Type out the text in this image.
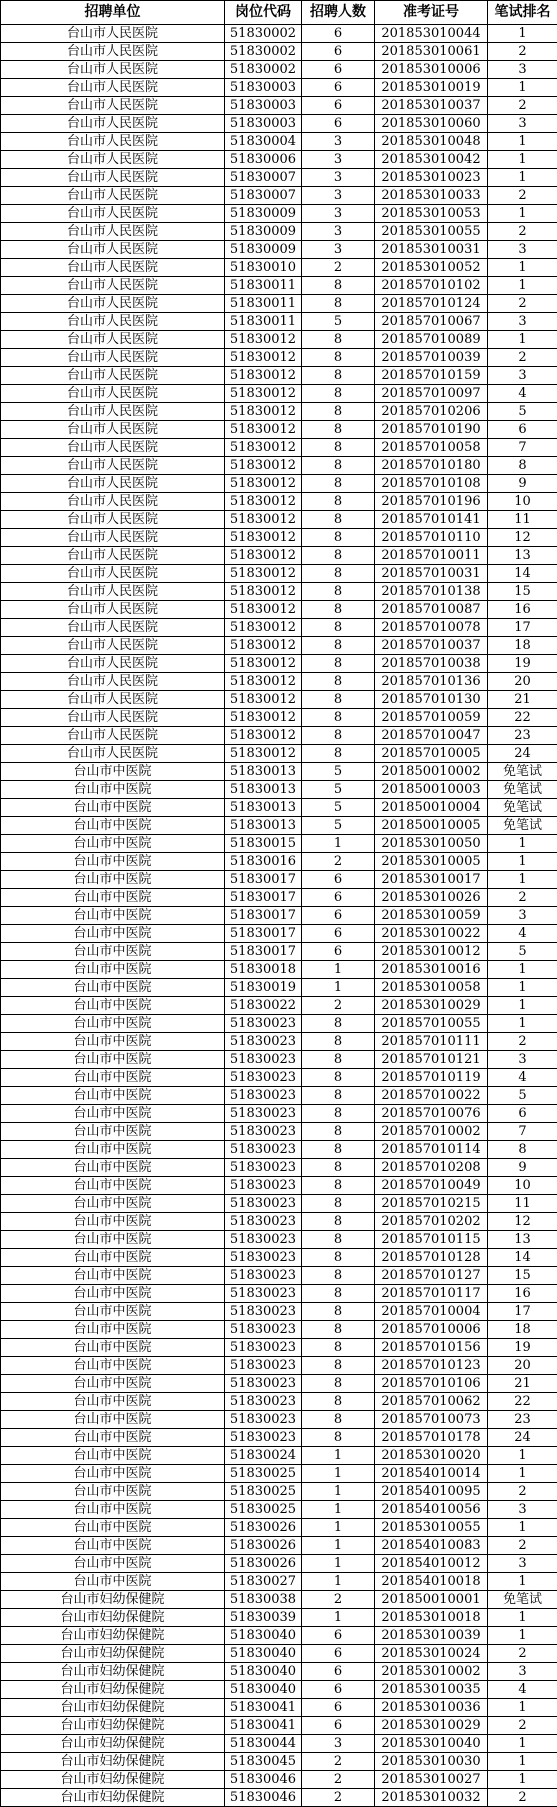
招聘单位	岗位代码	招聘人数	准考证号	笔试排名
台山市人民医院	51830002	6	201853010044	1
台山市人民医院	51830002	6	201853010061	2
台山市人民医院	51830002	6	201853010006	3
台山市人民医院	51830003	6	201853010019	1
台山市人民医院	51830003	6	201853010037	2
台山市人民医院	51830003	6	201853010060	3
台山市人民医院	51830004	3	201853010048	1
台山市人民医院	51830006	3	201853010042	1
台山市人民医院	51830007	3	201853010023	1
台山市人民医院	51830007	3	201853010033	2
台山市人民医院	51830009	3	201853010053	1
台山市人民医院	51830009	3	201853010055	2
台山市人民医院	51830009	3	201853010031	3
台山市人民医院	51830010	2	201853010052	1
台山市人民医院	51830011	8	201857010102	1
台山市人民医院	51830011	8	201857010124	2
台山市人民医院	51830011	5	201857010067	3
台山市人民医院	51830012	8	201857010089	1
台山市人民医院	51830012	8	201857010039	2
台山市人民医院	51830012	8	201857010159	3
台山市人民医院	51830012	8	201857010097	4
台山市人民医院	51830012	8	201857010206	5
台山市人民医院	51830012	8	201857010190	6
台山市人民医院	51830012	8	201857010058	7
台山市人民医院	51830012	8	201857010180	8
台山市人民医院	51830012	8	201857010108	9
台山市人民医院	51830012	8	201857010196	10
台山市人民医院	51830012	8	201857010141	11
台山市人民医院	51830012	8	201857010110	12
台山市人民医院	51830012	8	201857010011	13
台山市人民医院	51830012	8	201857010031	14
台山市人民医院	51830012	8	201857010138	15
台山市人民医院	51830012	8	201857010087	16
台山市人民医院	51830012	8	201857010078	17
台山市人民医院	51830012	8	201857010037	18
台山市人民医院	51830012	8	201857010038	19
台山市人民医院	51830012	8	201857010136	20
台山市人民医院	51830012	8	201857010130	21
台山市人民医院	51830012	8	201857010059	22
台山市人民医院	51830012	8	201857010047	23
台山市人民医院	51830012	8	201857010005	24
台山市中医院	51830013	5	201850010002	免笔试
台山市中医院	51830013	5	201850010003	免笔试
台山市中医院	51830013	5	201850010004	免笔试
台山市中医院	51830013	5	201850010005	免笔试
台山市中医院	51830015	1	201853010050	1
台山市中医院	51830016	2	201853010005	1
台山市中医院	51830017	6	201853010017	1
台山市中医院	51830017	6	201853010026	2
台山市中医院	51830017	6	201853010059	3
台山市中医院	51830017	6	201853010022	4
台山市中医院	51830017	6	201853010012	5
台山市中医院	51830018	1	201853010016	1
台山市中医院	51830019	1	201853010058	1
台山市中医院	51830022	2	201853010029	1
台山市中医院	51830023	8	201857010055	1
台山市中医院	51830023	8	201857010111	2
台山市中医院	51830023	8	201857010121	3
台山市中医院	51830023	8	201857010119	4
台山市中医院	51830023	8	201857010022	5
台山市中医院	51830023	8	201857010076	6
台山市中医院	51830023	8	201857010002	7
台山市中医院	51830023	8	201857010114	8
台山市中医院	51830023	8	201857010208	9
台山市中医院	51830023	8	201857010049	10
台山市中医院	51830023	8	201857010215	11
台山市中医院	51830023	8	201857010202	12
台山市中医院	51830023	8	201857010115	13
台山市中医院	51830023	8	201857010128	14
台山市中医院	51830023	8	201857010127	15
台山市中医院	51830023	8	201857010117	16
台山市中医院	51830023	8	201857010004	17
台山市中医院	51830023	8	201857010006	18
台山市中医院	51830023	8	201857010156	19
台山市中医院	51830023	8	201857010123	20
台山市中医院	51830023	8	201857010106	21
台山市中医院	51830023	8	201857010062	22
台山市中医院	51830023	8	201857010073	23
台山市中医院	51830023	8	201857010178	24
台山市中医院	51830024	1	201853010020	1
台山市中医院	51830025	1	201854010014	1
台山市中医院	51830025	1	201854010095	2
台山市中医院	51830025	1	201854010056	3
台山市中医院	51830026	1	201853010055	1
台山市中医院	51830026	1	201854010083	2
台山市中医院	51830026	1	201854010012	3
台山市中医院	51830027	1	201854010018	1
台山市妇幼保健院	51830038	2	201850010001	免笔试
台山市妇幼保健院	51830039	1	201853010018	1
台山市妇幼保健院	51830040	6	201853010039	1
台山市妇幼保健院	51830040	6	201853010024	2
台山市妇幼保健院	51830040	6	201853010002	3
台山市妇幼保健院	51830040	6	201853010035	4
台山市妇幼保健院	51830041	6	201853010036	1
台山市妇幼保健院	51830041	6	201853010029	2
台山市妇幼保健院	51830044	3	201853010040	1
台山市妇幼保健院	51830045	2	201853010030	1
台山市妇幼保健院	51830046	2	201853010027	1
台山市妇幼保健院	51830046	2	201853010032	2
